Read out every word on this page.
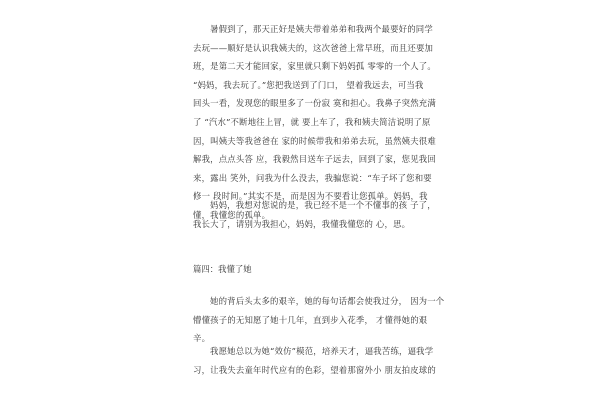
暑假到了，那天正好是姨夫带着弟弟和我两个最要好的同学
去玩——顺好是认识我姨夫的，这次爸爸上常早班，而且还要加
班，是第二天才能回家，家里就只剩下妈妈孤 零零的一个人了。
“妈妈，我去玩了。”您把我送到了门口， 望着我远去，可当我
回头一看，发现您的眼里多了一份寂 寞和担心。我鼻子突然充满
了 “汽水”不断地往上冒，就 要上车了，我和姨夫简洁说明了原
因，叫姨夫等我爸爸在 家的时候带我和弟弟去玩，虽然姨夫很难
解我，点点头答 应，我毅然目送车子远去，回到了家，您见我回
来，露出 笑外，问我为什么没去，我骗您说：“车子坏了您和要
修一 段时间。”其实不是，而是因为不要看让您孤单。妈妈，我
懂，我懂您的孤单。
妈妈，我想对您说的是，我已经不是一个不懂事的孩 子了，
我长大了，请别为我担心，妈妈，我懂我懂您的 心，思。

篇四：我懂了她

她的背后头太多的艰辛，她的每句话都会使我过分， 因为一个
懵懂孩子的无知愿了她十几年，直到步入花季， 才懂得她的艰
辛。
我愿她总以为她“效仿”模范，培养天才，逼我苦练，逼我学
习，让我失去童年时代应有的色彩，望着那窗外小 朋友拍皮球的
